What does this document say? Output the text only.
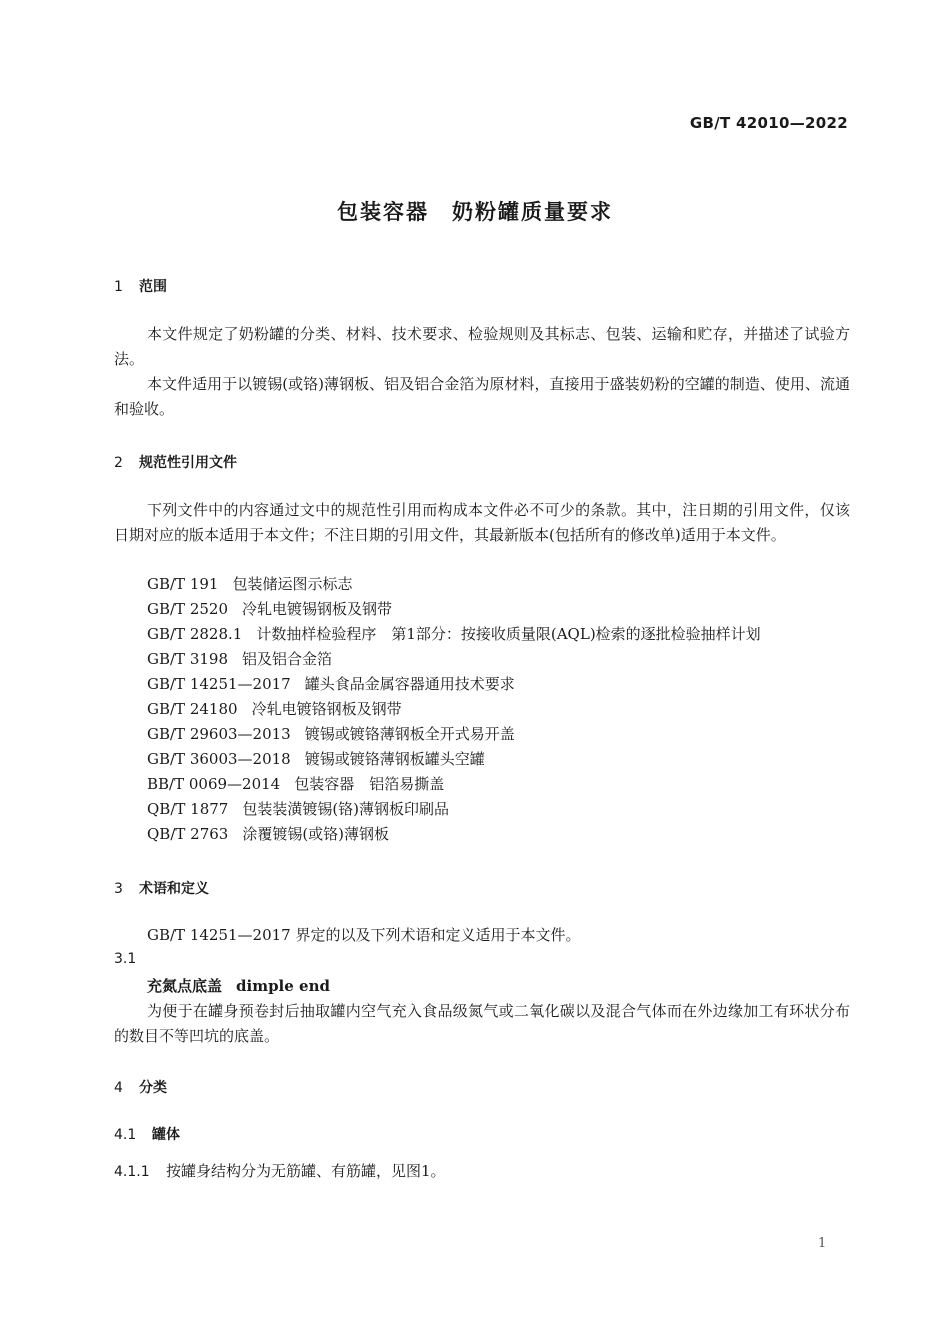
GB/T 42010—2022
包装容器　奶粉罐质量要求
1 范围
本文件规定了奶粉罐的分类、材料、技术要求、检验规则及其标志、包装、运输和贮存，并描述了试验方法。
本文件适用于以镀锡(或铬)薄钢板、铝及铝合金箔为原材料，直接用于盛装奶粉的空罐的制造、使用、流通和验收。
2 规范性引用文件
下列文件中的内容通过文中的规范性引用而构成本文件必不可少的条款。其中，注日期的引用文件，仅该日期对应的版本适用于本文件；不注日期的引用文件，其最新版本(包括所有的修改单)适用于本文件。
GB/T 191 包装储运图示标志
GB/T 2520 冷轧电镀锡钢板及钢带
GB/T 2828.1 计数抽样检验程序　第1部分：按接收质量限(AQL)检索的逐批检验抽样计划
GB/T 3198 铝及铝合金箔
GB/T 14251—2017 罐头食品金属容器通用技术要求
GB/T 24180 冷轧电镀铬钢板及钢带
GB/T 29603—2013 镀锡或镀铬薄钢板全开式易开盖
GB/T 36003—2018 镀锡或镀铬薄钢板罐头空罐
BB/T 0069—2014 包装容器　铝箔易撕盖
QB/T 1877 包装装潢镀锡(铬)薄钢板印刷品
QB/T 2763 涂覆镀锡(或铬)薄钢板
3 术语和定义
GB/T 14251—2017 界定的以及下列术语和定义适用于本文件。
3.1
充氮点底盖 dimple end
为便于在罐身预卷封后抽取罐内空气充入食品级氮气或二氧化碳以及混合气体而在外边缘加工有环状分布的数目不等凹坑的底盖。
4 分类
4.1 罐体
4.1.1 按罐身结构分为无筋罐、有筋罐，见图1。
1
